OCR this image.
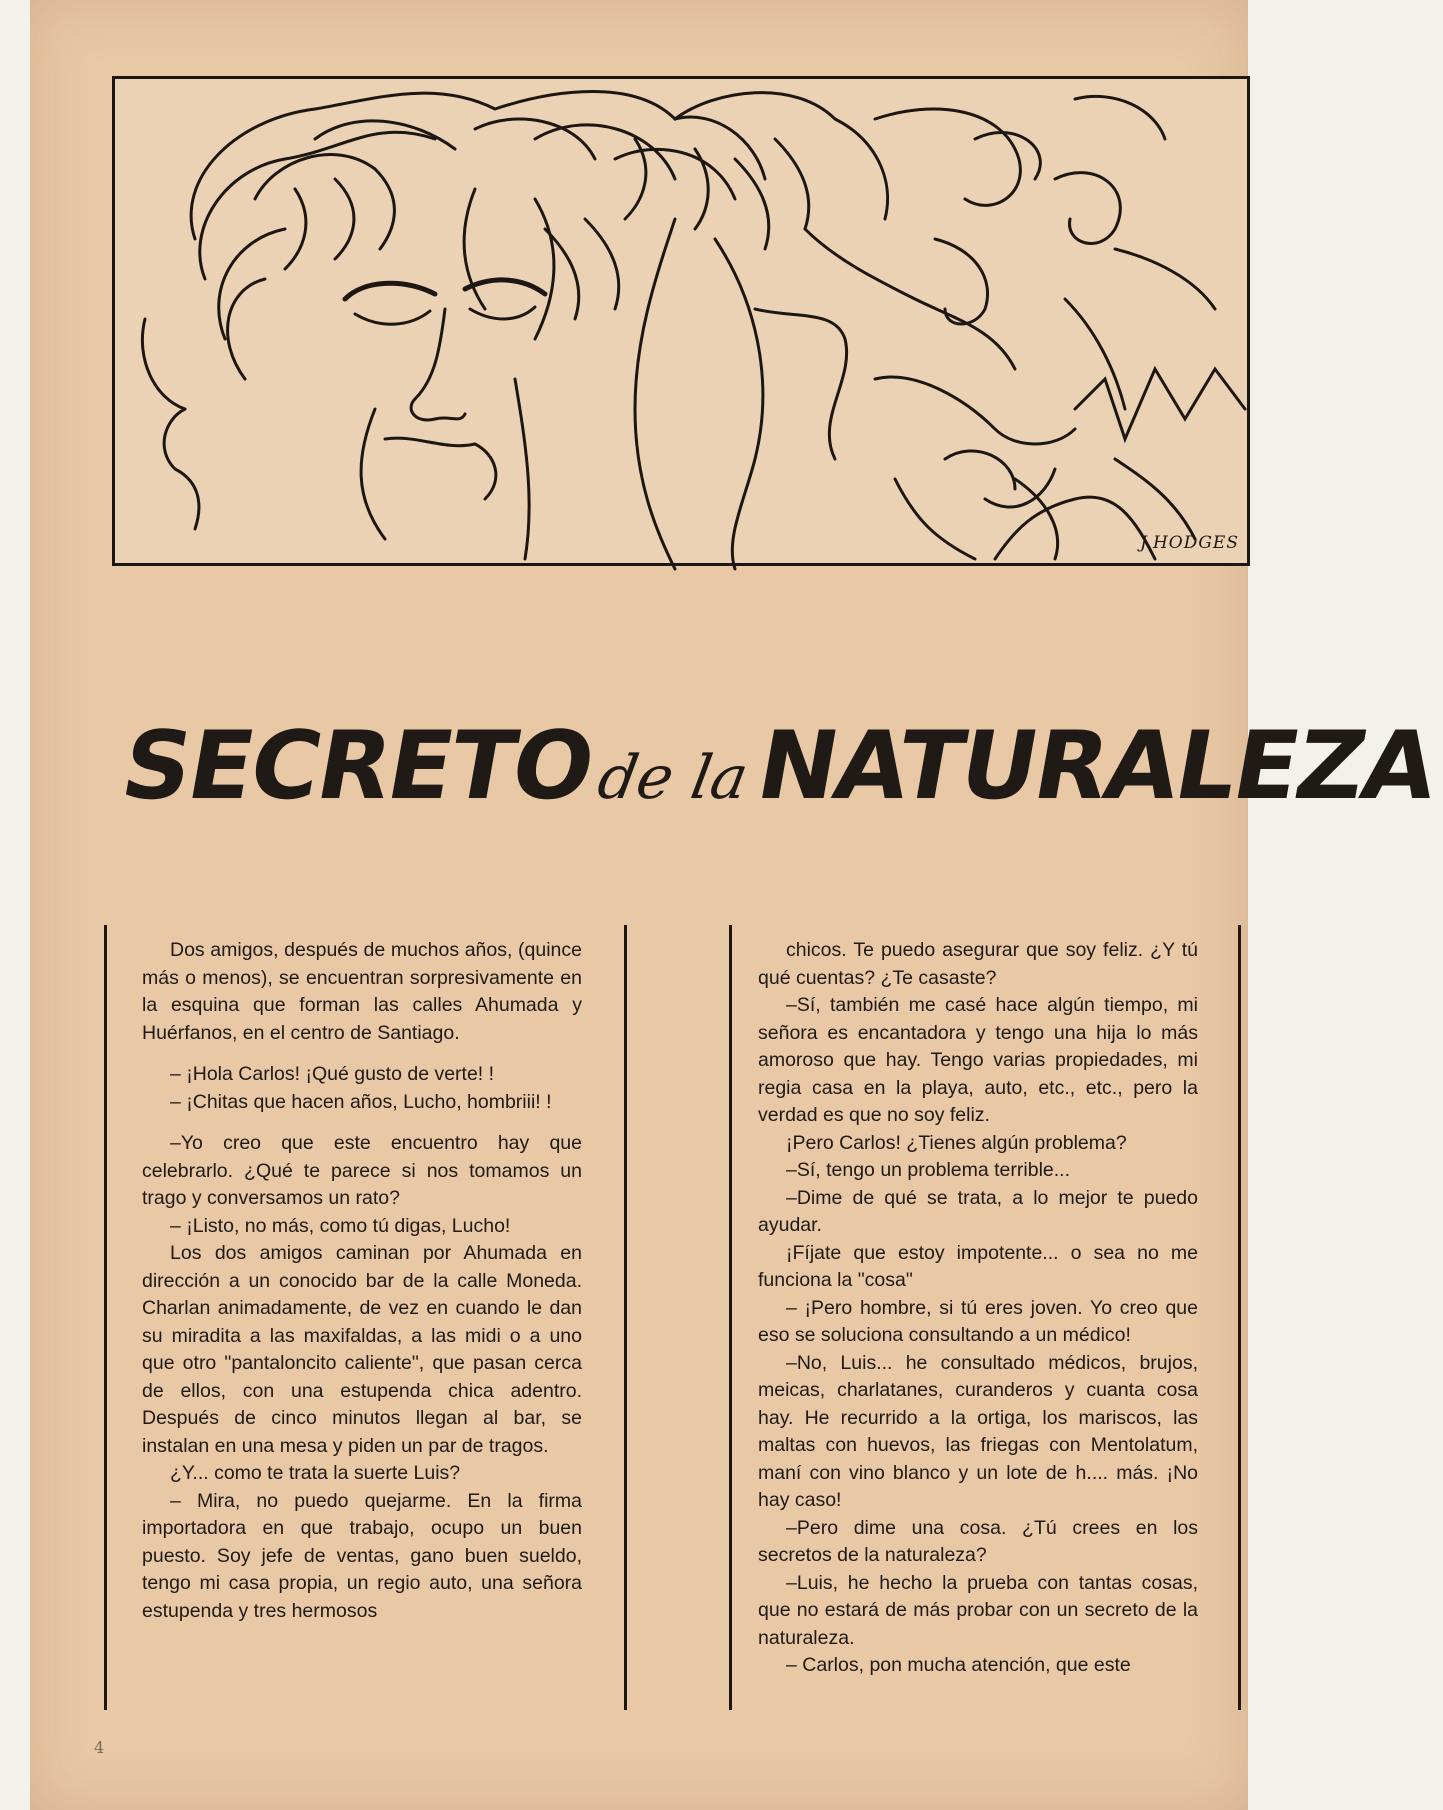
J.HODGES
SECRETO
de la
NATURALEZA

Dos amigos, después de muchos años, (quince más o menos), se encuentran sorpresivamente en la esquina que forman las calles Ahumada y Huérfanos, en el centro de Santiago.

– ¡Hola Carlos! ¡Qué gusto de verte! !

– ¡Chitas que hacen años, Lucho, hombriii! !

–Yo creo que este encuentro hay que celebrarlo. ¿Qué te parece si nos tomamos un trago y conversamos un rato?

– ¡Listo, no más, como tú digas, Lucho!

Los dos amigos caminan por Ahumada en dirección a un conocido bar de la calle Moneda. Charlan animadamente, de vez en cuando le dan su miradita a las maxifaldas, a las midi o a uno que otro "pantaloncito caliente", que pasan cerca de ellos, con una estupenda chica adentro. Después de cinco minutos llegan al bar, se instalan en una mesa y piden un par de tragos.

¿Y... como te trata la suerte Luis?

– Mira, no puedo quejarme. En la firma importadora en que trabajo, ocupo un buen puesto. Soy jefe de ventas, gano buen sueldo, tengo mi casa propia, un regio auto, una señora estupenda y tres hermosos

chicos. Te puedo asegurar que soy feliz. ¿Y tú qué cuentas? ¿Te casaste?

–Sí, también me casé hace algún tiempo, mi señora es encantadora y tengo una hija lo más amoroso que hay. Tengo varias propiedades, mi regia casa en la playa, auto, etc., etc., pero la verdad es que no soy feliz.

¡Pero Carlos! ¿Tienes algún problema?

–Sí, tengo un problema terrible...

–Dime de qué se trata, a lo mejor te puedo ayudar.

¡Fíjate que estoy impotente... o sea no me funciona la "cosa"

– ¡Pero hombre, si tú eres joven. Yo creo que eso se soluciona consultando a un médico!

–No, Luis... he consultado médicos, brujos, meicas, charlatanes, curanderos y cuanta cosa hay. He recurrido a la ortiga, los mariscos, las maltas con huevos, las friegas con Mentolatum, maní con vino blanco y un lote de h.... más. ¡No hay caso!

–Pero dime una cosa. ¿Tú crees en los secretos de la naturaleza?

–Luis, he hecho la prueba con tantas cosas, que no estará de más probar con un secreto de la naturaleza.

– Carlos, pon mucha atención, que este

4
